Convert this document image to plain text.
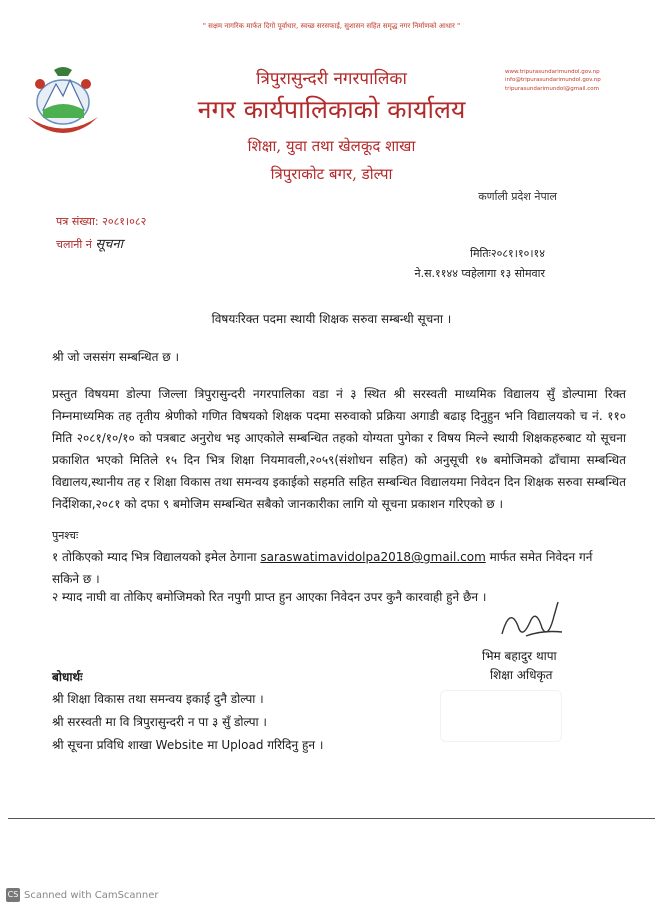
" सक्षम नागरिक मार्फत दिगो पूर्वाधार, स्वच्छ सरसफाई, सुशासन सहित समृद्ध नगर निर्माणको आधार "
www.tripurasundarimundol.gov.np
info@tripurasundarimundol.gov.np
tripurasundarimundol@gmail.com
त्रिपुरासुन्दरी नगरपालिका
नगर कार्यपालिकाको कार्यालय
शिक्षा, युवा तथा खेलकूद शाखा
त्रिपुराकोट बगर, डोल्पा
कर्णाली प्रदेश नेपाल
पत्र संख्या: २०८१।०८२
चलानी नं सूचना
मितिः२०८१।१०।१४
ने.स.११४४ प्वहेलागा १३ सोमवार
विषयःरिक्त पदमा स्थायी शिक्षक सरुवा सम्बन्धी सूचना ।
श्री जो जससंग सम्बन्धित छ ।
प्रस्तुत विषयमा डोल्पा जिल्ला त्रिपुरासुन्दरी नगरपालिका वडा नं ३ स्थित श्री सरस्वती माध्यमिक विद्यालय सुँ डोल्पामा रिक्त निम्नमाध्यमिक तह तृतीय श्रेणीको गणित विषयको शिक्षक पदमा सरुवाको प्रक्रिया अगाडी बढाइ दिनुहुन भनि विद्यालयको च नं. ११० मिति २०८१/१०/१० को पत्रबाट अनुरोध भइ आएकोले सम्बन्धित तहको योग्यता पुगेका र विषय मिल्ने स्थायी शिक्षकहरुबाट यो सूचना प्रकाशित भएको मितिले १५ दिन भित्र शिक्षा नियमावली,२०५९(संशोधन सहित) को अनुसूची १७ बमोजिमको ढाँचामा सम्बन्धित विद्यालय,स्थानीय तह र शिक्षा विकास तथा समन्वय इकाईको सहमति सहित सम्बन्धित विद्यालयमा निवेदन दिन शिक्षक सरुवा सम्बन्धित निर्देशिका,२०८१ को दफा ९ बमोजिम सम्बन्धित सबैको जानकारीका लागि यो सूचना प्रकाशन गरिएको छ ।
पुनश्चः
१ तोकिएको म्याद भित्र विद्यालयको इमेल ठेगाना saraswatimavidolpa2018@gmail.com मार्फत समेत निवेदन गर्न सकिने छ ।
२ म्याद नाघी वा तोकिए बमोजिमको रित नपुगी प्राप्त हुन आएका निवेदन उपर कुनै कारवाही हुने छैन ।
भिम बहादुर थापा
शिक्षा अधिकृत
बोधार्थः
श्री शिक्षा विकास तथा समन्वय इकाई दुनै डोल्पा ।
श्री सरस्वती मा वि त्रिपुरासुन्दरी न पा ३ सुँ डोल्पा ।
श्री सूचना प्रविधि शाखा Website मा Upload गरिदिनु हुन ।
CS Scanned with CamScanner
